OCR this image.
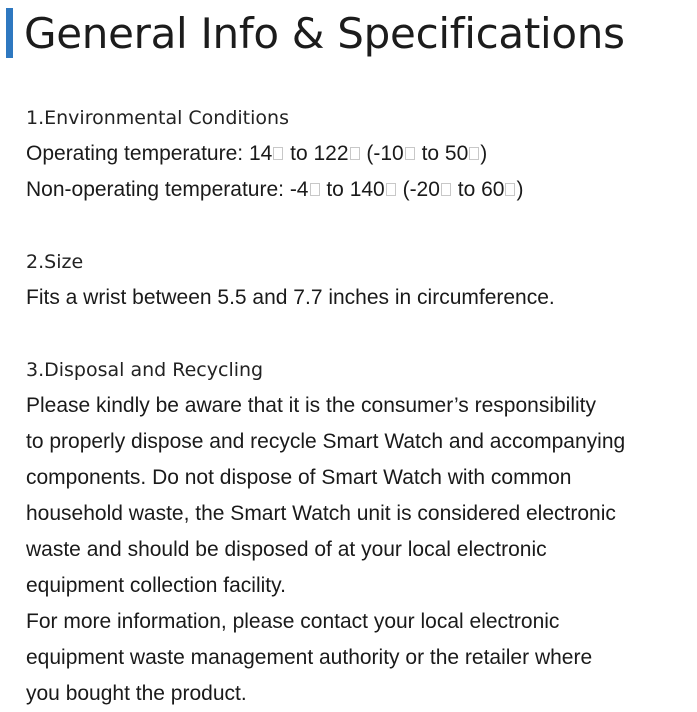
General Info & Specifications

1.Environmental Conditions

Operating temperature: 14 to 122 (-10 to 50 )

Non-operating temperature: -4 to 140 (-20 to 60 )

2.Size

Fits a wrist between 5.5 and 7.7 inches in circumference.

3.Disposal and Recycling

Please kindly be aware that it is the consumer’s responsibility

to properly dispose and recycle Smart Watch and accompanying

components. Do not dispose of Smart Watch with common

household waste, the Smart Watch unit is considered electronic

waste and should be disposed of at your local electronic

equipment collection facility.

For more information, please contact your local electronic

equipment waste management authority or the retailer where

you bought the product.
